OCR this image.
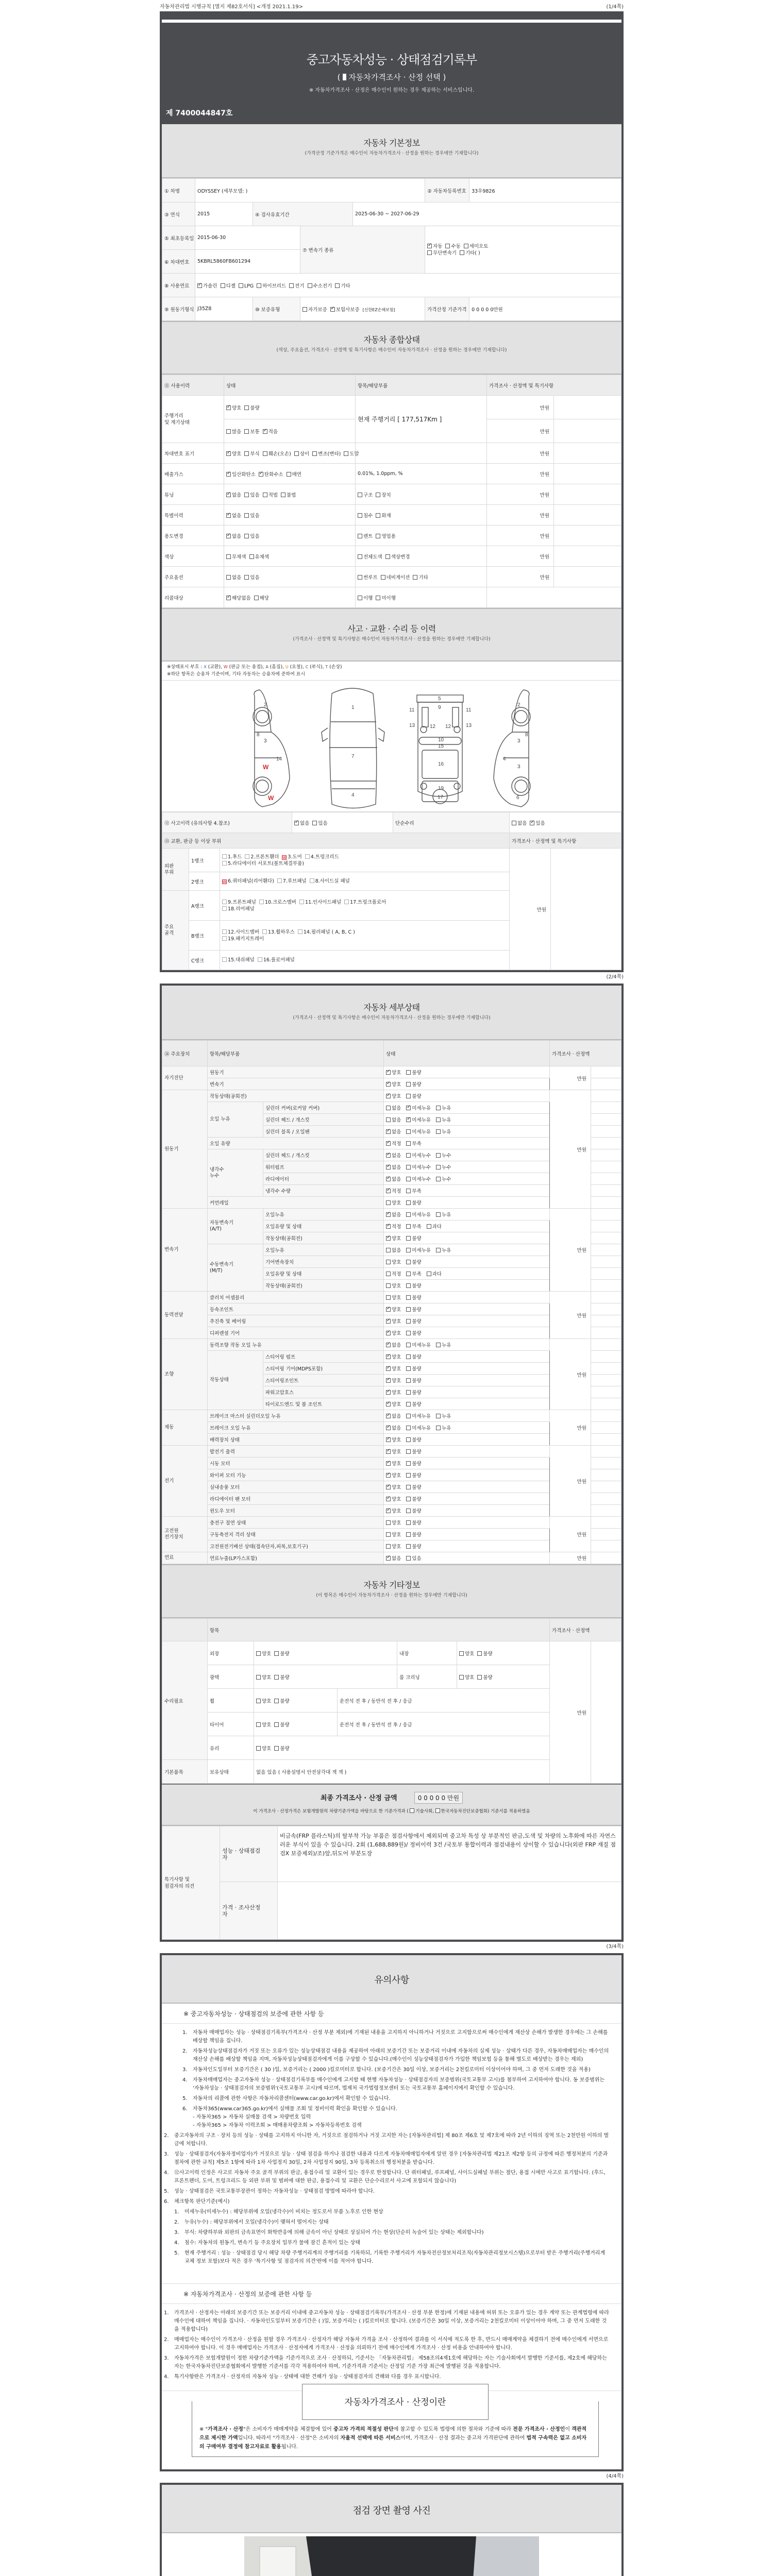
자동차관리법 시행규칙 [별지 제82호서식] <개정 2021.1.19>	(1/4쪽)
중고자동차성능 · 상태점검기록부
( 자동차가격조사 · 산정 선택 )
※ 자동차가격조사 · 산정은 매수인이 원하는 경우 제공하는 서비스입니다.
제 7400044847호
자동차 기본정보

(가격산정 기준가격은 매수인이 자동차가격조사 · 산정을 원하는 경우에만 기재합니다)

① 차명	ODYSSEY (세부모델: )				② 자동차등록번호	33우9826
③ 연식	2015	④ 검사유효기간		2025-06-30 ~ 2027-06-29		
⑤ 최초등록일	2015-06-30		⑦ 변속기 종류	✓자동 수동 세미오토
무단변속기 기타( )
⑥ 차대번호	5KBRL5860FB601294					
⑧ 사용연료	✓가솔린 디젤 LPG 하이브리드 전기 수소전기 기타
⑨ 원동기형식	J35Z8	⑩ 보증유형	자가보증 ✓ 보험사보증 [신한EZ손해보험]		가격산정 기준가격	0 0 0 0 0만원
자동차 종합상태

(색상, 주요옵션, 가격조사 · 산정액 및 특기사항은 매수인이 자동차가격조사 · 산정을 원하는 경우에만 기재합니다)

⑪ 사용이력	상태	항목/해당부품	가격조사 · 산정액 및 특기사항	
주행거리
및 계기상태	✓양호 불량	현재 주행거리 [ 177,517Km ]	만원	
	많음 보통 ✓ 적음		만원	
차대번호 표기	✓양호 부식 훼손(오손) 상이 변조(변타) 도말		만원	
배출가스	✓일산화탄소 ✓ 탄화수소 매연	0.01%, 1.0ppm, %	만원	
튜닝	✓없음 있음 적법 불법	구조 장치	만원	
특별이력	✓없음 있음	침수 화재	만원	
용도변경	✓없음 있음	렌트 영업용	만원	
색상	무채색 유채색	전체도색 색상변경	만원	
주요옵션	없음 있음	썬루프 네비게이션 기타	만원	
리콜대상	✓해당없음 해당	이행 미이행		
사고 · 교환 · 수리 등 이력

(가격조사 · 산정액 및 특기사항은 매수인이 자동차가격조사 · 산정을 원하는 경우에만 기재합니다)

※상태표시 부호 : X (교환), W (판금 또는 용접), A (흠집), U (요철), C (부식), T (손상)
※하단 항목은 승용차 기준이며, 기타 자동차는 승용차에 준하여 표시
2
3
8
14
1
7
4
5
9
10
15
16
17
19
11	11
13	13
12 12
2
3
3
8
4
6
W
W
⑫ 사고이력 (유의사항 4.참조)	✓없음 있음	단순수리	없음 ✓ 있음
⑬ 교환, 판금 등 이상 부위					가격조사 · 산정액 및 특기사항	
외판
부위	1랭크	1.후드 2.프론트휀더 W 3.도어 4.트렁크리드
5.라디에이터 서포트(볼트체결부품)			만원	
	2랭크	W 6.쿼터패널(리어휀다) 7.루브패널 8.사이드실 패널				
주요
골격	A랭크	9.프론트패널 10.크로스멤버 11.인사이드패널 17.트렁크플로어
18.리어패널				
	B랭크	12.사이드멤버 13.휠하우스 14.필러패널 ( A, B, C )
19.패키지트레이				
	C랭크	15.대쉬패널 16.플로어패널				
(2/4쪽)
자동차 세부상태

(가격조사 · 산정액 및 특기사항은 매수인이 자동차가격조사 · 산정을 원하는 경우에만 기재합니다)

⑭ 주요장치	항목/해당부품		상태	가격조사 · 산정액	
자기진단	원동기	✓양호 불량	만원	
	변속기	✓양호 불량	
원동기	작동상태(공회전)	✓양호 불량	만원	
	오일 누유	실린더 커버(로커암 커버)	없음 ✓ 미세누유 누유	
		실린더 헤드 / 개스킷	없음 ✓ 미세누유 누유	
		실린더 블록 / 오일팬	✓없음 미세누유 누유	
	오일 유량	✓적정 부족	
	냉각수
누수	실린더 헤드 / 개스킷	✓없음 미세누수 누수	
		워터펌프	✓없음 미세누수 누수	
		라디에이터	✓없음 미세누수 누수	
		냉각수 수량	✓적정 부족	
	커먼레일		양호 불량		
변속기	자동변속기
(A/T)	오일누유	✓없음 미세누유 누유	만원	
		오일유량 및 상태	✓적정 부족 과다	
		작동상태(공회전)	✓양호 불량	
	수동변속기
(M/T)	오일누유	없음 미세누유 누유		
		기어변속장치	양호 불량		
		오일유량 및 상태	적정 부족 과다		
		작동상태(공회전)	양호 불량		
동력전달	클러치 어셈블리		양호 불량	만원	
	등속조인트	✓양호 불량	
	추진축 및 베어링	✓양호 불량	
	디퍼렌셜 기어	✓양호 불량	
조향	동력조향 작동 오일 누유	✓없음 미세누유 누유	만원	
	작동상태	스티어링 펌프	✓양호 불량	
		스티어링 기어(MDPS포함)	✓양호 불량	
		스티어링조인트	✓양호 불량	
		파워고압호스	✓양호 불량	
		타이로드엔드 및 볼 조인트	✓양호 불량	
제동	브레이크 마스터 실린더오일 누유	✓없음 미세누유 누유	만원	
	브레이크 오일 누유	✓없음 미세누유 누유	
	배력장치 상태	✓양호 불량	
전기	발전기 출력	✓양호 불량	만원	
	시동 모터	✓양호 불량	
	와이퍼 모터 기능	✓양호 불량	
	실내송풍 모터	✓양호 불량	
	라디에이터 팬 모터	✓양호 불량	
	윈도우 모터	✓양호 불량	
고전원
전기장치	충전구 절연 상태		양호 불량	만원	
	구동축전지 격리 상태		양호 불량		
	고전원전기배선 상태(접속단자,피복,보호기구)		양호 불량		
연료	연료누출(LP가스포함)	✓없음 있음	만원	
자동차 기타정보

(이 항목은 매수인이 자동차가격조사 · 산정을 원하는 경우에만 기재합니다)

	항목					가격조사 · 산정액	
수리필요	외장	양호 불량		내장	양호 불량	만원	
	광택	양호 불량		룸 크리닝	양호 불량		
	휠	양호 불량	운전석 전 후 / 동반석 전 후 / 응급				
	타이어	양호 불량	운전석 전 후 / 동반석 전 후 / 응급				
	유리	양호 불량					
기본품목	보유상태	없음 있음 ( 사용설명서 안전삼각대 잭 잭 )					
최종 가격조사 · 산정 금액	0 0 0 0 0 만원
이 가격조사 · 산정가격은 보험개발원의 차량기준가액을 바탕으로 한 기준가격과 ( 기술사회, 한국자동차진단보증협회) 기준서를 적용하였음
특기사항 및
점검자의 의견	성능 · 상태점검
자	비금속(FRP 플라스틱)의 탈부착 가능 부품은 점검사항에서 제외되며 중고차 특성 상 부분적인 판금,도색 및 차량의 노후화에 따른 자연스러운 부식이 있을 수 있습니다. 2회 (1,688,889원)/ 정비이력 3건 /국토부 통합이력과 점검내용이 상이할 수 있습니다(외판 FRP 재질 점검X 보증제외)/조)앞,뒤도어 부분도장
	가격 · 조사산정
자	
(3/4쪽)
유의사항
※ 중고자동차성능 · 상태점검의 보증에 관한 사항 등
1.	자동차 매매업자는 성능 · 상태점검기록부(가격조사 · 산정 부분 제외)에 기재된 내용을 고지하지 아니하거나 거짓으로 고지함으로써 매수인에게 재산상 손해가 발생한 경우에는 그 손해를 배상할 책임을 집니다.
2.	자동차성능상태점검자가 거짓 또는 오류가 있는 성능상태점검 내용을 제공하여 아래의 보증기간 또는 보증거리 이내에 자동차의 실제 성능 · 상태가 다른 경우, 자동차매매업자는 매수인의 재산상 손해를 배상할 책임을 지며, 자동차성능상태점검자에게 이를 구상할 수 있습니다.(매수인이 성능상태점검자가 가입한 책임보험 등을 통해 별도로 배상받는 경우는 제외)
3.	자동차인도일부터 보증기간은 ( 30 )일, 보증거리는 ( 2000 )킬로미터로 합니다. (보증기간은 30일 이상, 보증거리는 2천킬로미터 이상이어야 하며, 그 중 먼저 도래한 것을 적용)
4.	자동차매매업자는 중고자동차 성능 · 상태점검기록부를 매수인에게 고지할 때 현행 자동차성능 · 상태점검자의 보증범위(국토교통부 고시)를 첨부하여 고지하여야 합니다. 동 보증범위는 '자동차성능 · 상태점검자의 보증범위'(국토교통부 고시)에 따르며, 법제처 국가법령정보센터 또는 국토교통부 홈페이지에서 확인할 수 있습니다.
5.	자동차의 리콜에 관한 사항은 자동차리콜센터(www.car.go.kr)에서 확인할 수 있습니다.
6.	자동차365(www.car365.go.kr)에서 실매물 조회 및 정비이력 확인을 확인할 수 있습니다.
- 자동차365 > 자동차 실매물 검색 > 차량번호 입력
- 자동차365 > 자동차 이력조회 > 매매용차량조회 > 자동차등록번호 검색
2.	중고자동차의 구조 · 장치 등의 성능 · 상태를 고지하지 아니한 자, 거짓으로 점검하거나 거짓 고지한 자는 [자동차관리법] 제 80조 제6호 및 제7호에 따라 2년 이하의 징역 또는 2천만원 이하의 벌금에 처합니다.
3.	성능 · 상태점검자(자동차정비업자)가 거짓으로 성능 · 상태 점검을 하거나 점검한 내용과 다르게 자동차매매업자에게 알린 경우 [자동차관리법 제21조 제2항 등의 규정에 따른 행정처분의 기준과 절차에 관한 규칙] 제5조 1항에 따라 1차 사업정지 30일, 2차 사업정지 90일, 3차 등록취소의 행정처분을 받습니다.
4.	⑫사고이력 인정은 사고로 자동차 주요 골격 부위의 판금, 용접수리 및 교환이 있는 경우로 한정합니다. 단 쿼터패널, 루프패널, 사이드실패널 부위는 절단, 용접 시에만 사고로 표기합니다. (후드, 프론트펜더, 도어, 트렁크리드 등 외판 부위 및 범퍼에 대한 판금, 용접수리 및 교환은 단순수리로서 사고에 포함되지 않습니다)
5.	성능 · 상태점검은 국토교통부장관이 정하는 자동차성능 · 상태점검 방법에 따라야 합니다.
6.	체크항목 판단기준(예시)
1.	미세누유(미세누수) : 해당부위에 오일(냉각수)이 비치는 정도로서 부품 노후로 인한 현상
2.	누유(누수) : 해당부위에서 오일(냉각수)이 맺혀서 떨어지는 상태
3.	부식: 차량하부와 외판의 금속표면이 화학반응에 의해 금속이 아닌 상태로 상실되어 가는 현상(단순히 녹슬어 있는 상태는 제외합니다)
4.	침수: 자동차의 원동기, 변속기 등 주요장치 일부가 물에 잠긴 흔적이 있는 상태
5.	현재 주행거리 : 성능 · 상태점검 당시 해당 차량 주행거리계의 주행거리를 기록하되, 기록한 주행거리가 자동차전산정보처리조직(자동차관리정보시스템)으로부터 받은 주행거리(주행거리계 교체 정보 포함)보다 적은 경우 '특기사항 및 점검자의 의견'란에 이를 적어야 합니다.
※ 자동차가격조사 · 산정의 보증에 관한 사항 등
1.	가격조사 · 산정자는 아래의 보증기간 또는 보증거리 이내에 중고자동차 성능 · 상태점검기록부(가격조사 · 산정 부분 한정)에 기재된 내용에 허위 또는 오류가 있는 경우 계약 또는 관계법령에 따라 매수인에 대하여 책임을 집니다. · 자동차인도일부터 보증기간은 ( )일, 보증거리는 ( )킬로미터로 합니다. (보증기간은 30일 이상, 보증거리는 2천킬로미터 이상이어야 하며, 그 중 먼저 도래한 것을 적용합니다)
2.	매매업자는 매수인이 가격조사 · 산정을 원할 경우 가격조사 · 산정자가 해당 자동차 가격을 조사 · 산정하여 결과를 이 서식에 적도록 한 후, 반드시 매매계약을 체결하기 전에 매수인에게 서면으로 고지하여야 합니다. 이 경우 매매업자는 가격조사 · 산정자에게 가격조사 · 산정을 의뢰하기 전에 매수인에게 가격조사 · 산정 비용을 안내하여야 합니다.
3.	자동차가격은 보험개발원이 정한 차량기준가액을 기준가격으로 조사 · 산정하되, 기준서는 「자동차관리법」 제58조의4제1호에 해당하는 자는 기술사회에서 발행한 기준서를, 제2호에 해당하는 자는 한국자동차진단보증협회에서 발행한 기준서를 각각 적용하여야 하며, 기준가격과 기준서는 산정일 기준 가장 최근에 발행된 것을 적용합니다.
4.	특기사항란은 가격조사 · 산정자의 자동차 성능 · 상태에 대한 견해가 성능 · 상태점검자의 견해와 다를 경우 표시합니다.
자동차가격조사 · 산정이란
※ "가격조사 · 산정"은 소비자가 매매계약을 체결함에 있어 중고차 가격의 적절성 판단에 참고할 수 있도록 법령에 의한 절차와 기준에 따라 전문 가격조사 · 산정인이 객관적으로 제시한 가액입니다. 따라서 "가격조사 · 산정"은 소비자의 자율적 선택에 따른 서비스이며, 가격조사 · 산정 결과는 중고차 가격판단에 관하여 법적 구속력은 없고 소비자의 구매여부 결정에 참고자료로 활용됩니다.
(4/4쪽)
점검 장면 촬영 사진
